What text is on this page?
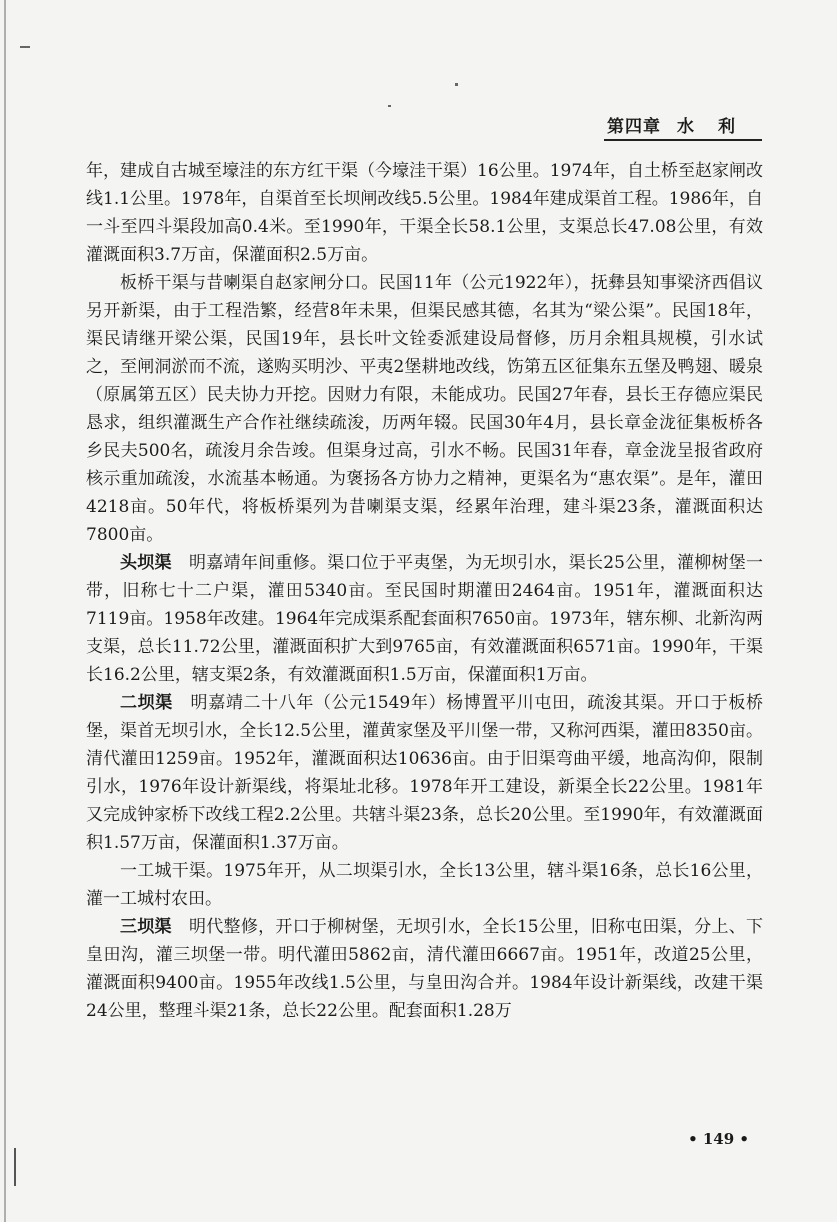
第四章 水利

年，建成自古城至壕洼的东方红干渠（今壕洼干渠）16公里。1974年，自土桥至赵家闸改线1.1公里。1978年，自渠首至长坝闸改线5.5公里。1984年建成渠首工程。1986年，自一斗至四斗渠段加高0.4米。至1990年，干渠全长58.1公里，支渠总长47.08公里，有效灌溉面积3.7万亩，保灌面积2.5万亩。

板桥干渠与昔喇渠自赵家闸分口。民国11年（公元1922年），抚彝县知事梁济西倡议另开新渠，由于工程浩繁，经营8年未果，但渠民感其德，名其为“梁公渠”。民国18年，渠民请继开梁公渠，民国19年，县长叶文铨委派建设局督修，历月余粗具规模，引水试之，至闸洞淤而不流，遂购买明沙、平夷2堡耕地改线，饬第五区征集东五堡及鸭翅、暖泉（原属第五区）民夫协力开挖。因财力有限，未能成功。民国27年春，县长王存德应渠民恳求，组织灌溉生产合作社继续疏浚，历两年辍。民国30年4月，县长章金泷征集板桥各乡民夫500名，疏浚月余告竣。但渠身过高，引水不畅。民国31年春，章金泷呈报省政府核示重加疏浚，水流基本畅通。为褒扬各方协力之精神，更渠名为“惠农渠”。是年，灌田4218亩。50年代，将板桥渠列为昔喇渠支渠，经累年治理，建斗渠23条，灌溉面积达7800亩。

头坝渠　明嘉靖年间重修。渠口位于平夷堡，为无坝引水，渠长25公里，灌柳树堡一带，旧称七十二户渠，灌田5340亩。至民国时期灌田2464亩。1951年，灌溉面积达7119亩。1958年改建。1964年完成渠系配套面积7650亩。1973年，辖东柳、北新沟两支渠，总长11.72公里，灌溉面积扩大到9765亩，有效灌溉面积6571亩。1990年，干渠长16.2公里，辖支渠2条，有效灌溉面积1.5万亩，保灌面积1万亩。

二坝渠　明嘉靖二十八年（公元1549年）杨博置平川屯田，疏浚其渠。开口于板桥堡，渠首无坝引水，全长12.5公里，灌黄家堡及平川堡一带，又称河西渠，灌田8350亩。清代灌田1259亩。1952年，灌溉面积达10636亩。由于旧渠弯曲平缓，地高沟仰，限制引水，1976年设计新渠线，将渠址北移。1978年开工建设，新渠全长22公里。1981年又完成钟家桥下改线工程2.2公里。共辖斗渠23条，总长20公里。至1990年，有效灌溉面积1.57万亩，保灌面积1.37万亩。

一工城干渠。1975年开，从二坝渠引水，全长13公里，辖斗渠16条，总长16公里，灌一工城村农田。

三坝渠　明代整修，开口于柳树堡，无坝引水，全长15公里，旧称屯田渠，分上、下皇田沟，灌三坝堡一带。明代灌田5862亩，清代灌田6667亩。1951年，改道25公里，灌溉面积9400亩。1955年改线1.5公里，与皇田沟合并。1984年设计新渠线，改建干渠24公里，整理斗渠21条，总长22公里。配套面积1.28万

• 149 •
